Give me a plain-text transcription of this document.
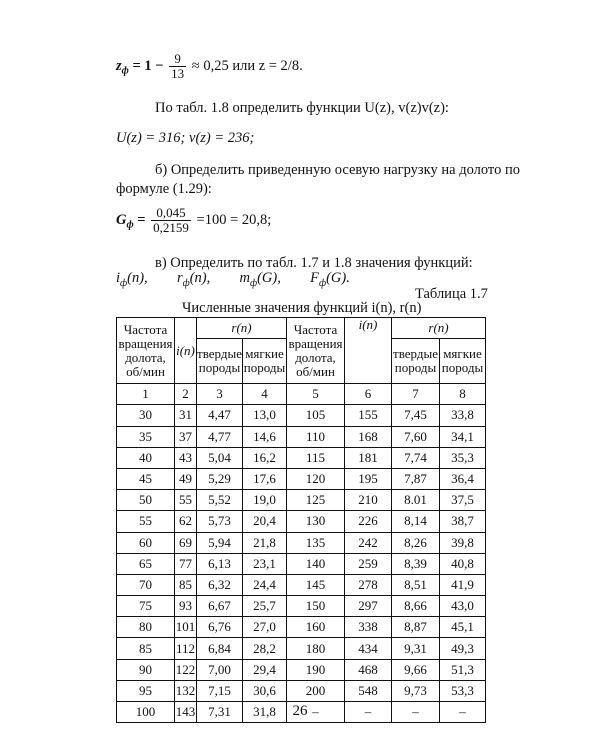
$z_ф = 1 - \frac{9}{13} \approx 0,25$ или z = 2/8.
По табл. 1.8 определить функции U(z), v(z)v(z):
U(z) = 316; v(z) = 236;
б) Определить приведенную осевую нагрузку на долото по
формуле (1.29):
$G_ф = \frac{0,045}{0,2159} =100 = 20,8$;
в) Определить по табл. 1.7 и 1.8 значения функций:
$i_ф(n)$, $r_ф(n)$, $m_ф(G)$, $F_ф(G)$.
Таблица 1.7
Численные значения функций i(n), r(n)
Частота вращения долота, об/мин	i(n)	r(n)		Частота вращения долота, об/мин	i(n)	r(n)	
		твердые породы	мягкие породы			твердые породы	мягкие породы
1	2	3	4	5	6	7	8
30	31	4,47	13,0	105	155	7,45	33,8
35	37	4,77	14,6	110	168	7,60	34,1
40	43	5,04	16,2	115	181	7,74	35,3
45	49	5,29	17,6	120	195	7,87	36,4
50	55	5,52	19,0	125	210	8.01	37,5
55	62	5,73	20,4	130	226	8,14	38,7
60	69	5,94	21,8	135	242	8,26	39,8
65	77	6,13	23,1	140	259	8,39	40,8
70	85	6,32	24,4	145	278	8,51	41,9
75	93	6,67	25,7	150	297	8,66	43,0
80	101	6,76	27,0	160	338	8,87	45,1
85	112	6,84	28,2	180	434	9,31	49,3
90	122	7,00	29,4	190	468	9,66	51,3
95	132	7,15	30,6	200	548	9,73	53,3
100	143	7,31	31,8	–	–	–	–
26
